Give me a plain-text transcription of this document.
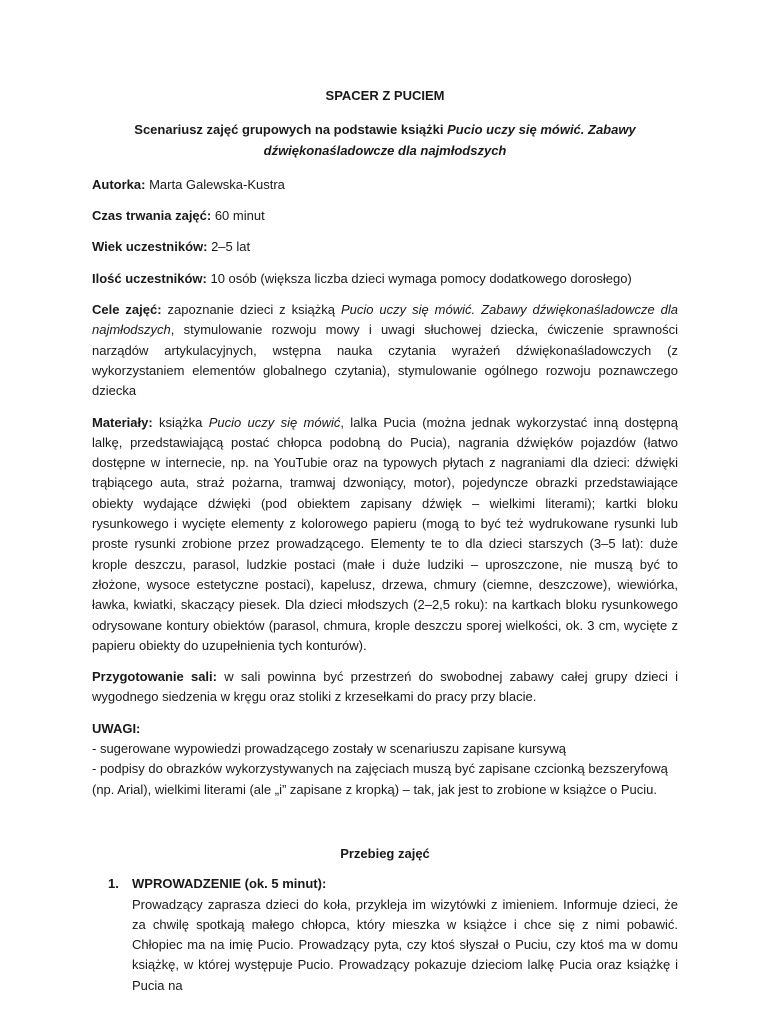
SPACER Z PUCIEM
Scenariusz zajęć grupowych na podstawie książki Pucio uczy się mówić. Zabawy dźwiękonaśladowcze dla najmłodszych

Autorka: Marta Galewska-Kustra

Czas trwania zajęć: 60 minut

Wiek uczestników: 2–5 lat

Ilość uczestników: 10 osób (większa liczba dzieci wymaga pomocy dodatkowego dorosłego)

Cele zajęć: zapoznanie dzieci z książką Pucio uczy się mówić. Zabawy dźwiękonaśladowcze dla najmłodszych, stymulowanie rozwoju mowy i uwagi słuchowej dziecka, ćwiczenie sprawności narządów artykulacyjnych, wstępna nauka czytania wyrażeń dźwiękonaśladowczych (z wykorzystaniem elementów globalnego czytania), stymulowanie ogólnego rozwoju poznawczego dziecka

Materiały: książka Pucio uczy się mówić, lalka Pucia (można jednak wykorzystać inną dostępną lalkę, przedstawiającą postać chłopca podobną do Pucia), nagrania dźwięków pojazdów (łatwo dostępne w internecie, np. na YouTubie oraz na typowych płytach z nagraniami dla dzieci: dźwięki trąbiącego auta, straż pożarna, tramwaj dzwoniący, motor), pojedyncze obrazki przedstawiające obiekty wydające dźwięki (pod obiektem zapisany dźwięk – wielkimi literami); kartki bloku rysunkowego i wycięte elementy z kolorowego papieru (mogą to być też wydrukowane rysunki lub proste rysunki zrobione przez prowadzącego. Elementy te to dla dzieci starszych (3–5 lat): duże krople deszczu, parasol, ludzkie postaci (małe i duże ludziki – uproszczone, nie muszą być to złożone, wysoce estetyczne postaci), kapelusz, drzewa, chmury (ciemne, deszczowe), wiewiórka, ławka, kwiatki, skaczący piesek. Dla dzieci młodszych (2–2,5 roku): na kartkach bloku rysunkowego odrysowane kontury obiektów (parasol, chmura, krople deszczu sporej wielkości, ok. 3 cm, wycięte z papieru obiekty do uzupełnienia tych konturów).

Przygotowanie sali: w sali powinna być przestrzeń do swobodnej zabawy całej grupy dzieci i wygodnego siedzenia w kręgu oraz stoliki z krzesełkami do pracy przy blacie.

UWAGI:
- sugerowane wypowiedzi prowadzącego zostały w scenariuszu zapisane kursywą
- podpisy do obrazków wykorzystywanych na zajęciach muszą być zapisane czcionką bezszeryfową (np. Arial), wielkimi literami (ale „i” zapisane z kropką) – tak, jak jest to zrobione w książce o Puciu.
Przebieg zajęć
1. WPROWADZENIE (ok. 5 minut):
Prowadzący zaprasza dzieci do koła, przykleja im wizytówki z imieniem. Informuje dzieci, że za chwilę spotkają małego chłopca, który mieszka w książce i chce się z nimi pobawić. Chłopiec ma na imię Pucio. Prowadzący pyta, czy ktoś słyszał o Puciu, czy ktoś ma w domu książkę, w której występuje Pucio. Prowadzący pokazuje dzieciom lalkę Pucia oraz książkę i Pucia na
